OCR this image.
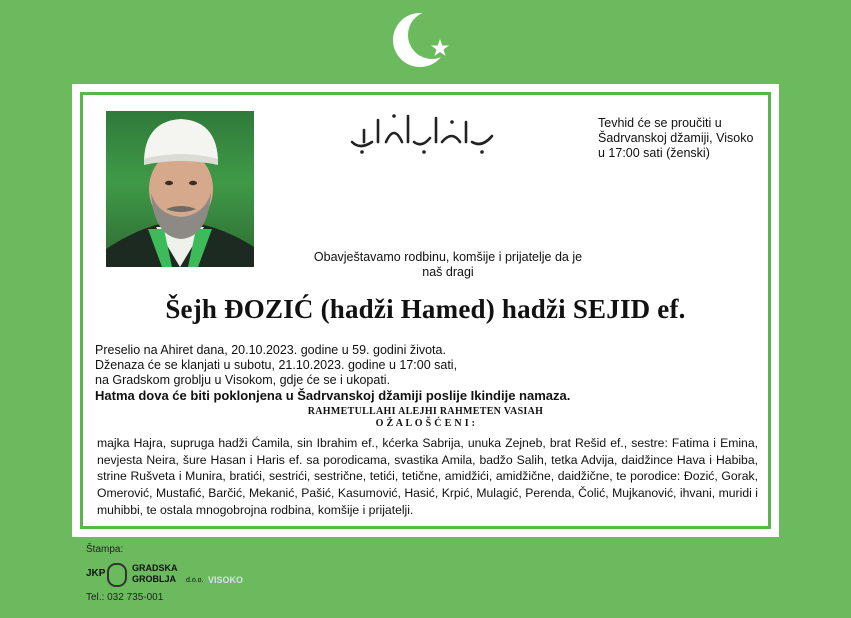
Tevhid će se proučiti u
Šadrvanskoj džamiji, Visoko
u 17:00 sati (ženski)
Obavještavamo rodbinu, komšije i prijatelje da je
naš dragi
Šejh ĐOZIĆ (hadži Hamed) hadži SEJID ef.
Preselio na Ahiret dana, 20.10.2023. godine u 59. godini života.
Dženaza će se klanjati u subotu, 21.10.2023. godine u 17:00 sati,
na Gradskom groblju u Visokom, gdje će se i ukopati.
Hatma dova će biti poklonjena u Šadrvanskoj džamiji poslije Ikindije namaza.
RAHMETULLAHI ALEJHI RAHMETEN VASIAH
O Ž A L O Š Ć E N I :
majka Hajra, supruga hadži Ćamila, sin Ibrahim ef., kćerka Sabrija, unuka Zejneb, brat Rešid ef., sestre: Fatima i Emina, nevjesta Neira, šure Hasan i Haris ef. sa porodicama, svastika Amila, badžo Salih, tetka Advija, daidžince Hava i Habiba, strine Rušveta i Munira, bratići, sestrići, sestrične, tetići, tetične, amidžići, amidžične, daidžične, te porodice: Đozić, Gorak, Omerović, Mustafić, Barčić, Mekanić, Pašić, Kasumović, Hasić, Krpić, Mulagić, Perenda, Čolić, Mujkanović, ihvani, muridi i muhibbi, te ostala mnogobrojna rodbina, komšije i prijatelji.
Štampa:
JKP	GRADSKA
GROBLJA d.o.o. VISOKO
Tel.: 032 735-001
